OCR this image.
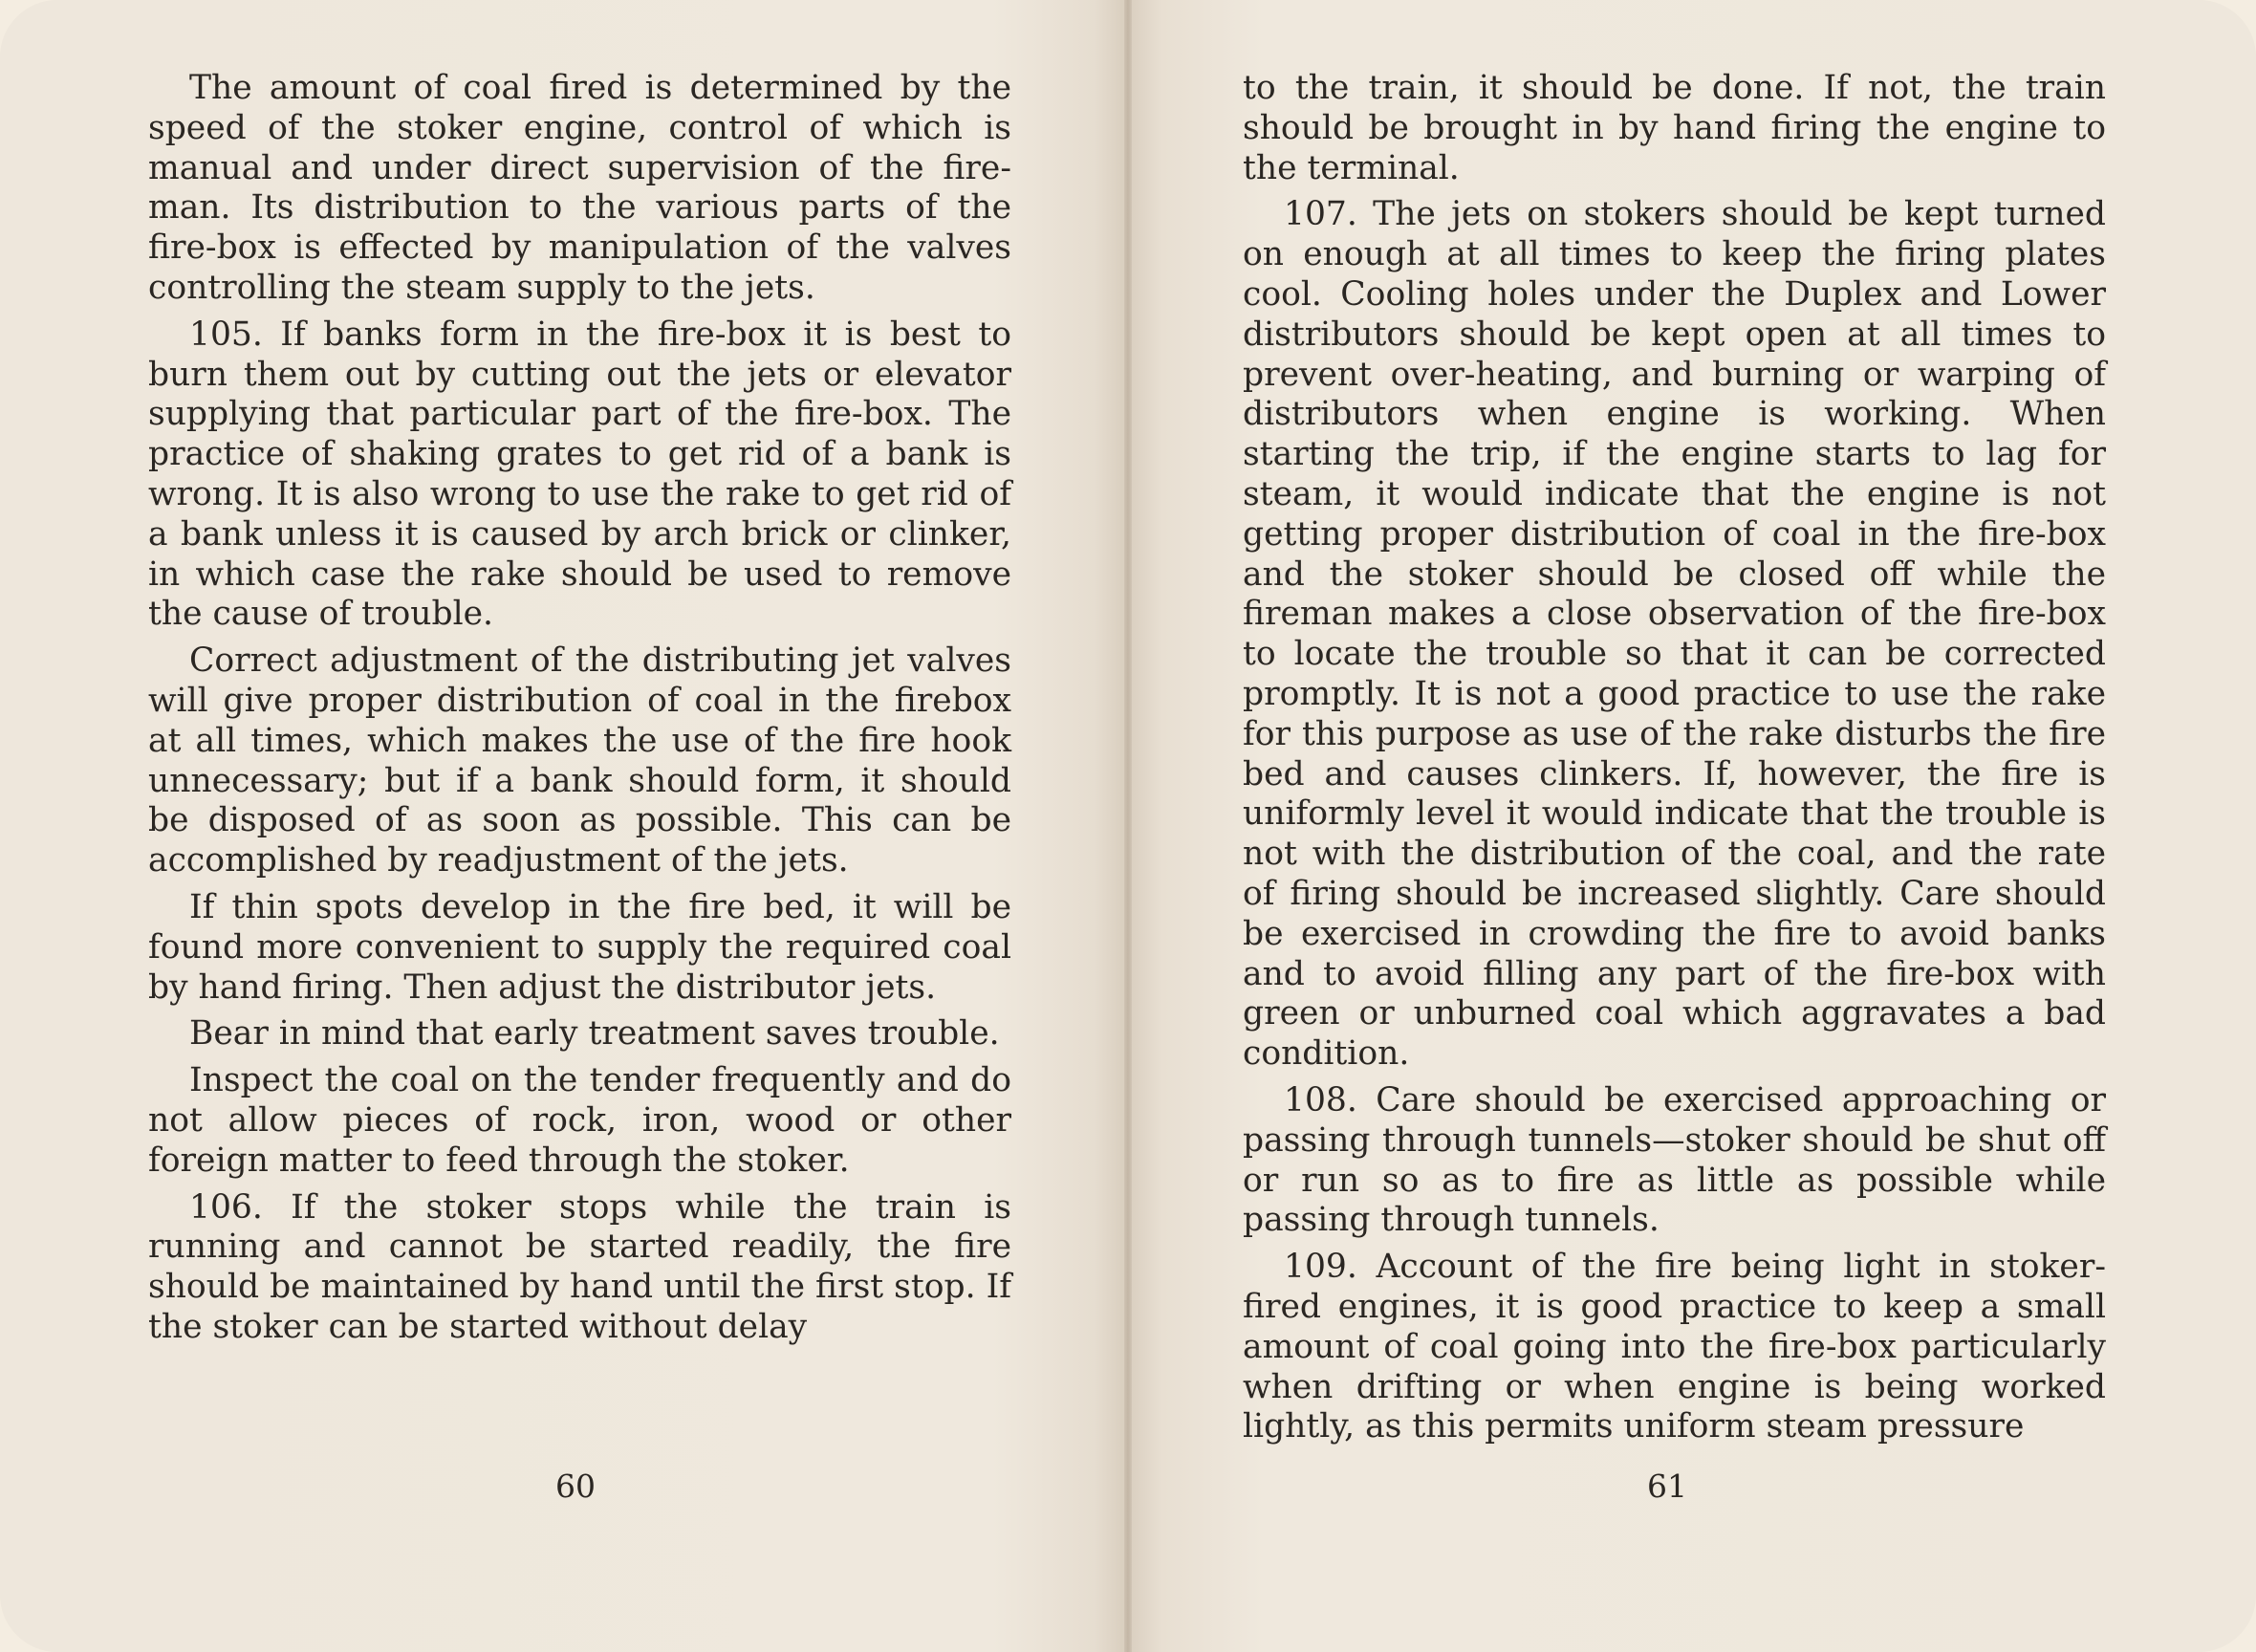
The amount of coal fired is determined by the speed of the stoker engine, control of which is manual and under direct supervision of the fireman. Its distribution to the various parts of the fire-box is effected by manipulation of the valves controlling the steam supply to the jets.

105. If banks form in the fire-box it is best to burn them out by cutting out the jets or elevator supplying that particular part of the fire-box. The practice of shaking grates to get rid of a bank is wrong. It is also wrong to use the rake to get rid of a bank unless it is caused by arch brick or clinker, in which case the rake should be used to remove the cause of trouble.

Correct adjustment of the distributing jet valves will give proper distribution of coal in the firebox at all times, which makes the use of the fire hook unnecessary; but if a bank should form, it should be disposed of as soon as possible. This can be accomplished by readjustment of the jets.

If thin spots develop in the fire bed, it will be found more convenient to supply the required coal by hand firing. Then adjust the distributor jets.

Bear in mind that early treatment saves trouble.

Inspect the coal on the tender frequently and do not allow pieces of rock, iron, wood or other foreign matter to feed through the stoker.

106. If the stoker stops while the train is running and cannot be started readily, the fire should be maintained by hand until the first stop. If the stoker can be started without delay

60	61

to the train, it should be done. If not, the train should be brought in by hand firing the engine to the terminal.

107. The jets on stokers should be kept turned on enough at all times to keep the firing plates cool. Cooling holes under the Duplex and Lower distributors should be kept open at all times to prevent over-heating, and burning or warping of distributors when engine is working. When starting the trip, if the engine starts to lag for steam, it would indicate that the engine is not getting proper distribution of coal in the fire-box and the stoker should be closed off while the fireman makes a close observation of the fire-box to locate the trouble so that it can be corrected promptly. It is not a good practice to use the rake for this purpose as use of the rake disturbs the fire bed and causes clinkers. If, however, the fire is uniformly level it would indicate that the trouble is not with the distribution of the coal, and the rate of firing should be increased slightly. Care should be exercised in crowding the fire to avoid banks and to avoid filling any part of the fire-box with green or unburned coal which aggravates a bad condition.

108. Care should be exercised approaching or passing through tunnels—stoker should be shut off or run so as to fire as little as possible while passing through tunnels.

109. Account of the fire being light in stoker-fired engines, it is good practice to keep a small amount of coal going into the fire-box particularly when drifting or when engine is being worked lightly, as this permits uniform steam pressure
